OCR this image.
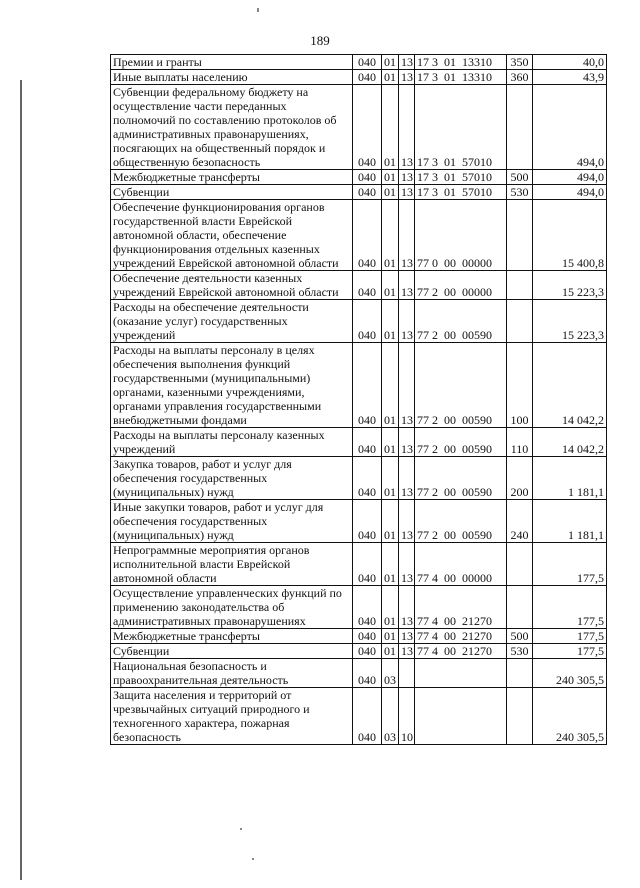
189
Премии и гранты	040	01	13	17 3  01  13310	350	40,0
Иные выплаты населению	040	01	13	17 3  01  13310	360	43,9
Субвенции федеральному бюджету на осуществление части переданных полномочий по составлению протоколов об административных правонарушениях, посягающих на общественный порядок и общественную безопасность	040	01	13	17 3  01  57010		494,0
Межбюджетные трансферты	040	01	13	17 3  01  57010	500	494,0
Субвенции	040	01	13	17 3  01  57010	530	494,0
Обеспечение функционирования органов государственной власти Еврейской автономной области, обеспечение функционирования отдельных казенных учреждений Еврейской автономной области	040	01	13	77 0  00  00000		15 400,8
Обеспечение деятельности казенных учреждений Еврейской автономной области	040	01	13	77 2  00  00000		15 223,3
Расходы на обеспечение деятельности (оказание услуг) государственных учреждений	040	01	13	77 2  00  00590		15 223,3
Расходы на выплаты персоналу в целях обеспечения выполнения функций государственными (муниципальными) органами, казенными учреждениями, органами управления государственными внебюджетными фондами	040	01	13	77 2  00  00590	100	14 042,2
Расходы на выплаты персоналу казенных учреждений	040	01	13	77 2  00  00590	110	14 042,2
Закупка товаров, работ и услуг для обеспечения государственных (муниципальных) нужд	040	01	13	77 2  00  00590	200	1 181,1
Иные закупки товаров, работ и услуг для обеспечения государственных (муниципальных) нужд	040	01	13	77 2  00  00590	240	1 181,1
Непрограммные мероприятия органов исполнительной власти Еврейской автономной области	040	01	13	77 4  00  00000		177,5
Осуществление управленческих функций по применению законодательства об административных правонарушениях	040	01	13	77 4  00  21270		177,5
Межбюджетные трансферты	040	01	13	77 4  00  21270	500	177,5
Субвенции	040	01	13	77 4  00  21270	530	177,5
Национальная безопасность и правоохранительная деятельность	040	03				240 305,5
Защита населения и территорий от чрезвычайных ситуаций природного и техногенного характера, пожарная безопасность	040	03	10			240 305,5
